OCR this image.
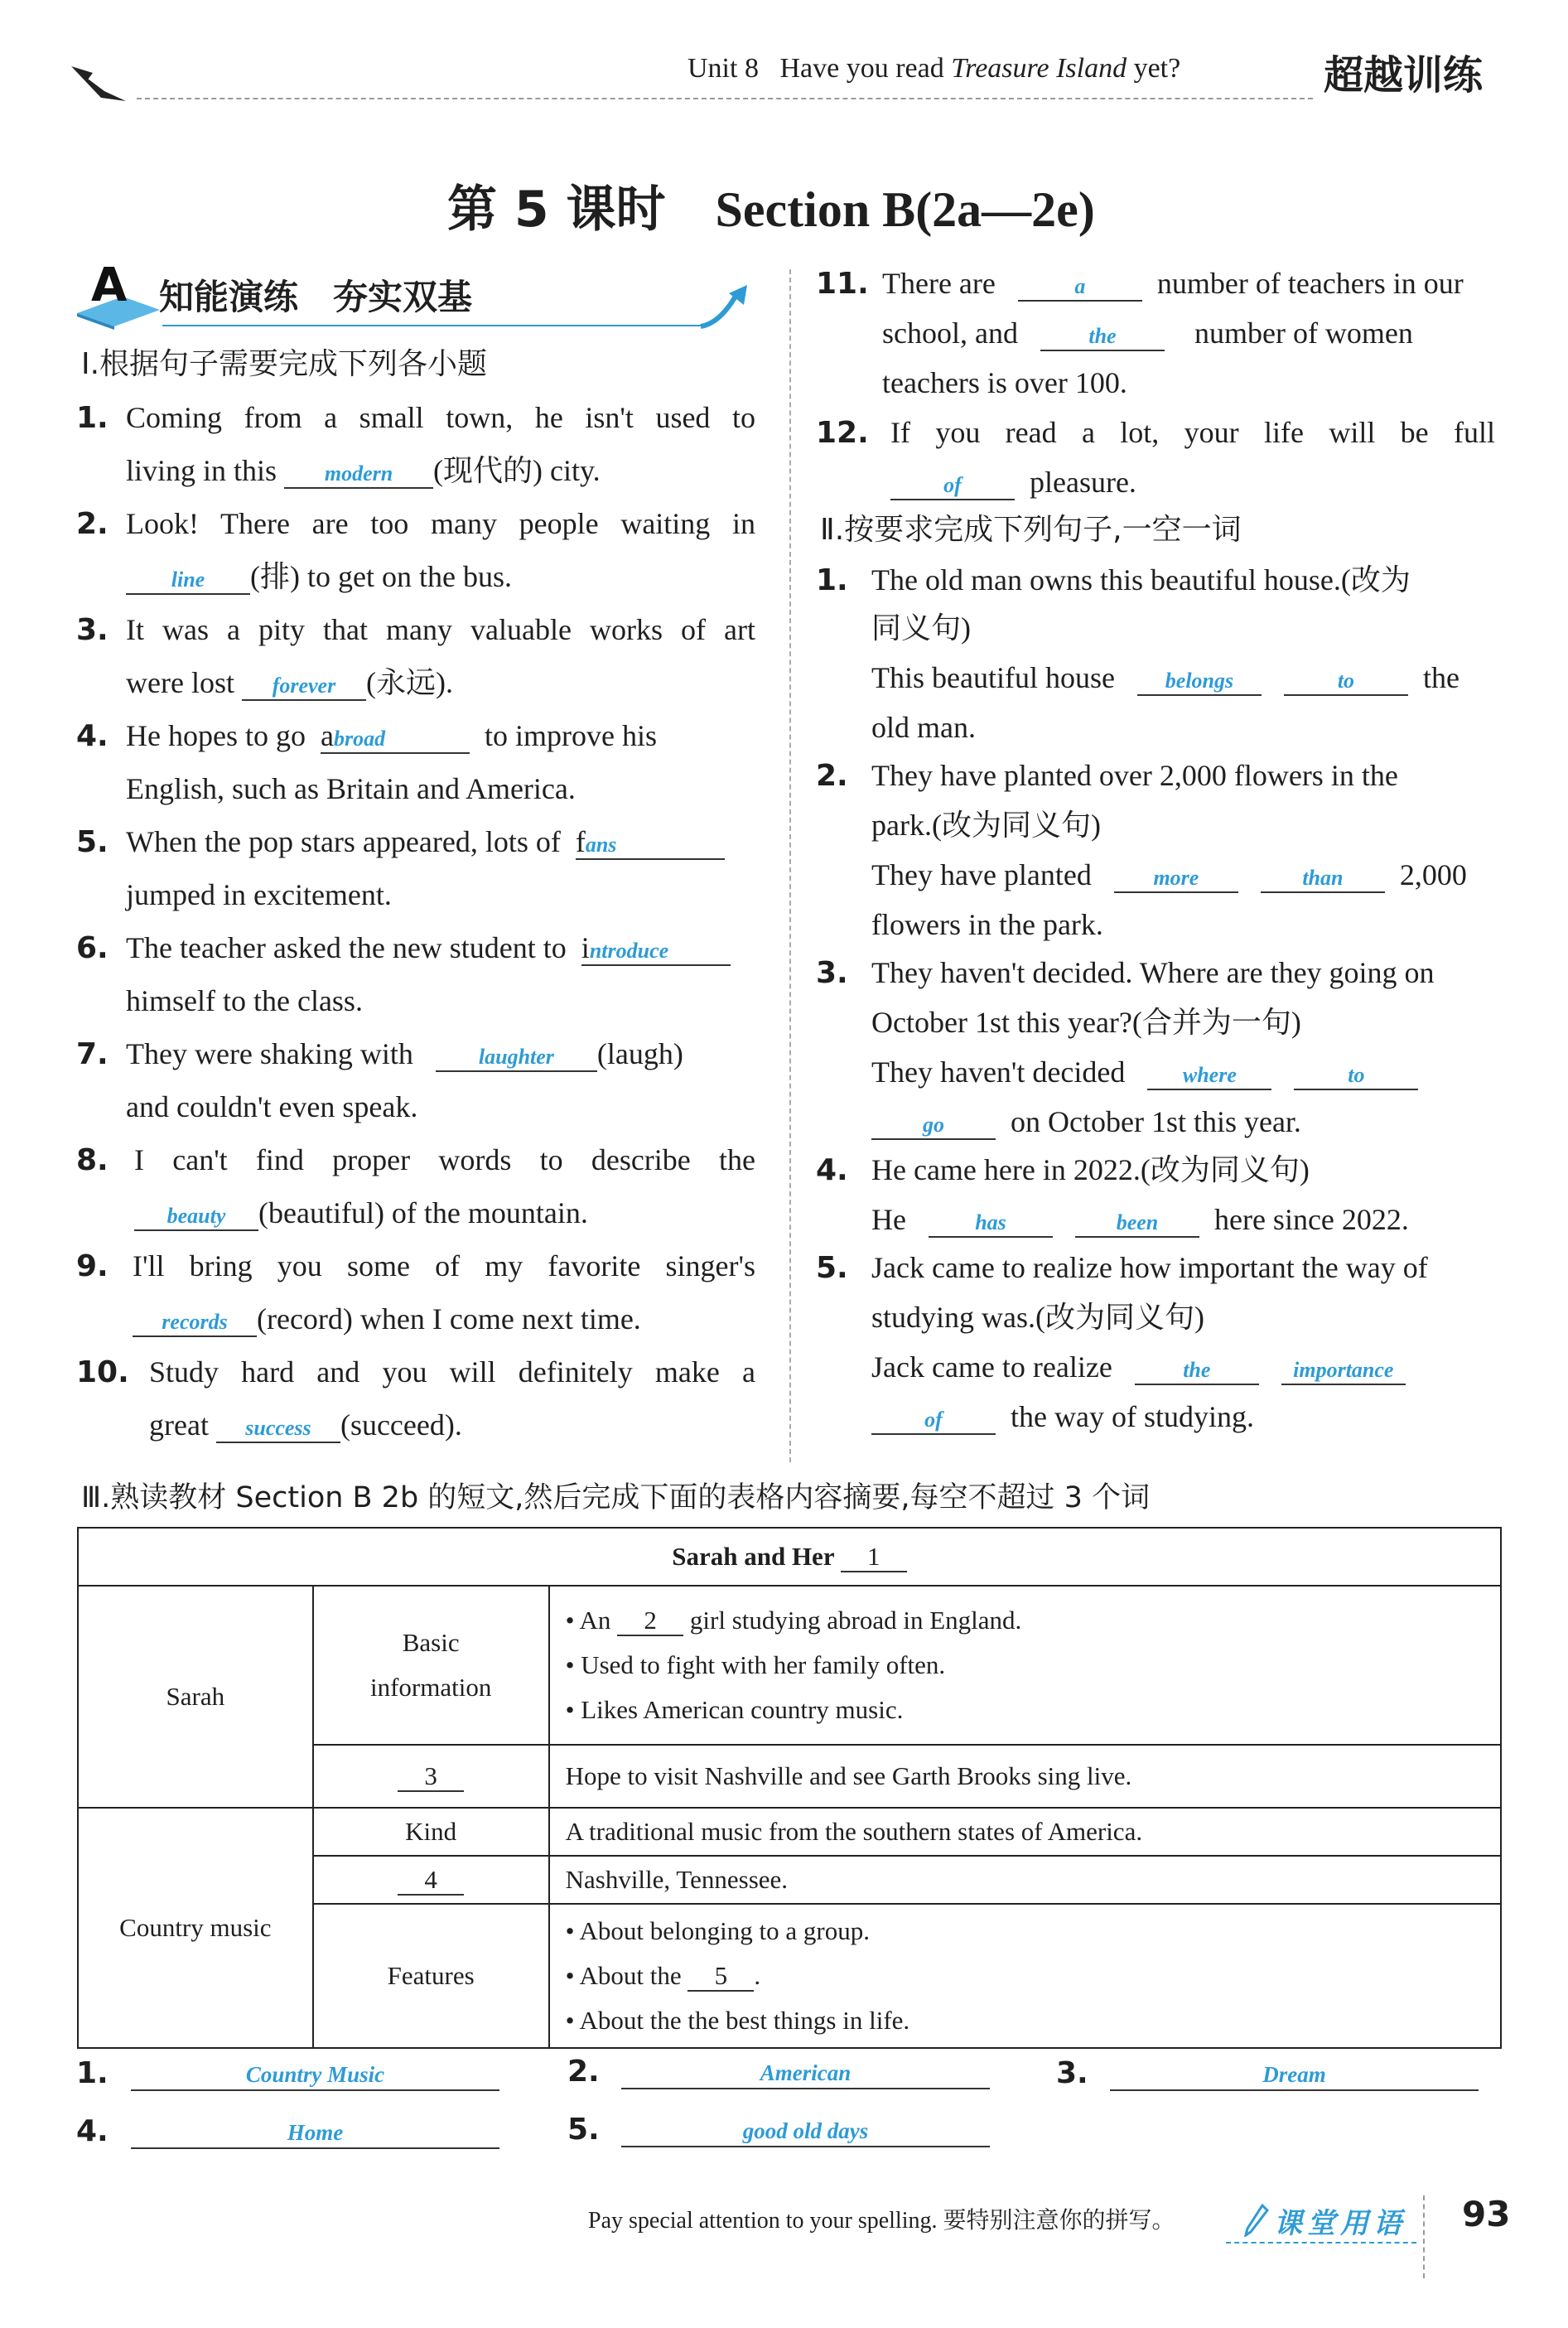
Unit 8 Have you read Treasure Island yet?	超越训练
第 5 课时 Section B(2a—2e)
A 知能演练　夯实双基
Ⅰ.根据句子需要完成下列各小题
1. Coming from a small town, he isn't used to
living in this modern (现代的) city.
2. Look! There are too many people waiting in
line (排) to get on the bus.
3. It was a pity that many valuable works of art
were lost forever (永远).
4. He hopes to go abroad	to improve his
English, such as Britain and America.
5. When the pop stars appeared, lots of fans
jumped in excitement.
6. The teacher asked the new student to introduce
himself to the class.
7. They were shaking with	laughter (laugh)
and couldn't even speak.
8. I can't find proper words to describe the
beauty (beautiful) of the mountain.
9. I'll bring you some of my favorite singer's
records (record) when I come next time.
10. Study hard and you will definitely make a
great success (succeed).
11. There are	a number of teachers in our
school, and	the	number of women
teachers is over 100.
12. If you read a lot, your life will be full
of pleasure.
Ⅱ.按要求完成下列句子,一空一词
1. The old man owns this beautiful house.(改为
同义句)
This beautiful house belongs	to the
old man.
2. They have planted over 2,000 flowers in the
park.(改为同义句)
They have planted	more	than 2,000
flowers in the park.
3. They haven't decided. Where are they going on
October 1st this year?(合并为一句)
They haven't decided	where	to
go on October 1st this year.
4. He came here in 2022.(改为同义句)
He	has	been here since 2022.
5. Jack came to realize how important the way of
studying was.(改为同义句)
Jack came to realize	the	importance
of the way of studying.
Ⅲ.熟读教材 Section B 2b 的短文,然后完成下面的表格内容摘要,每空不超过 3 个词
Sarah and Her 1		
Sarah	Basic information	• An 2 girl studying abroad in England.
• Used to fight with her family often.
• Likes American country music.

	3	Hope to visit Nashville and see Garth Brooks sing live.

Country music	Kind	A traditional music from the southern states of America.

	4	Nashville, Tennessee.

	Features	• About belonging to a group.
• About the 5 .
• About the the best things in life.
1.	Country Music	2.	American	3.	Dream
4.	Home	5.	good old days
Pay special attention to your spelling. 要特别注意你的拼写。	课堂用语 93
